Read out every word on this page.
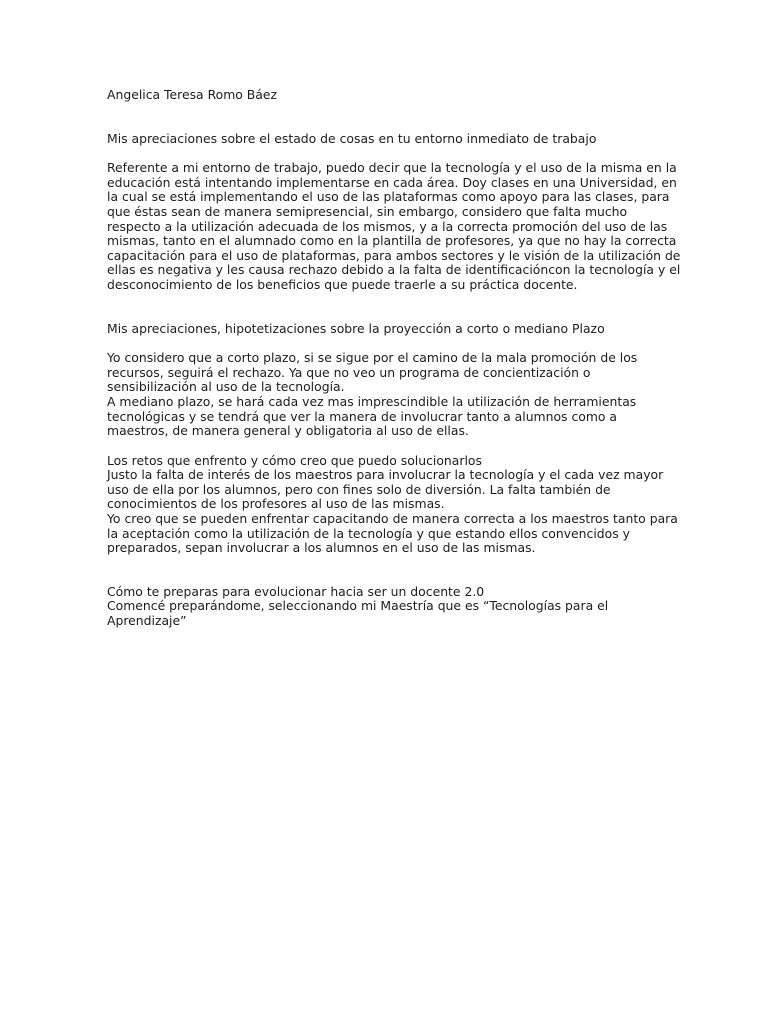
Angelica Teresa Romo Báez
Mis apreciaciones sobre el estado de cosas en tu entorno inmediato de trabajo
Referente a mi entorno de trabajo, puedo decir que la tecnología y el uso de la misma en la
educación está intentando implementarse en cada área. Doy clases en una Universidad, en
la cual se está implementando el uso de las plataformas como apoyo para las clases, para
que éstas sean de manera semipresencial, sin embargo, considero que falta mucho
respecto a la utilización adecuada de los mismos, y a la correcta promoción del uso de las
mismas, tanto en el alumnado como en la plantilla de profesores, ya que no hay la correcta
capacitación para el uso de plataformas, para ambos sectores y le visión de la utilización de
ellas es negativa y les causa rechazo debido a la falta de identificacióncon la tecnología y el
desconocimiento de los beneficios que puede traerle a su práctica docente.
Mis apreciaciones, hipotetizaciones sobre la proyección a corto o mediano Plazo
Yo considero que a corto plazo, si se sigue por el camino de la mala promoción de los
recursos, seguirá el rechazo. Ya que no veo un programa de concientización o
sensibilización al uso de la tecnología.
A mediano plazo, se hará cada vez mas imprescindible la utilización de herramientas
tecnológicas y se tendrá que ver la manera de involucrar tanto a alumnos como a
maestros, de manera general y obligatoria al uso de ellas.
Los retos que enfrento y cómo creo que puedo solucionarlos
Justo la falta de interés de los maestros para involucrar la tecnología y el cada vez mayor
uso de ella por los alumnos, pero con fines solo de diversión. La falta también de
conocimientos de los profesores al uso de las mismas.
Yo creo que se pueden enfrentar capacitando de manera correcta a los maestros tanto para
la aceptación como la utilización de la tecnología y que estando ellos convencidos y
preparados, sepan involucrar a los alumnos en el uso de las mismas.
Cómo te preparas para evolucionar hacia ser un docente 2.0
Comencé preparándome, seleccionando mi Maestría que es “Tecnologías para el
Aprendizaje”
